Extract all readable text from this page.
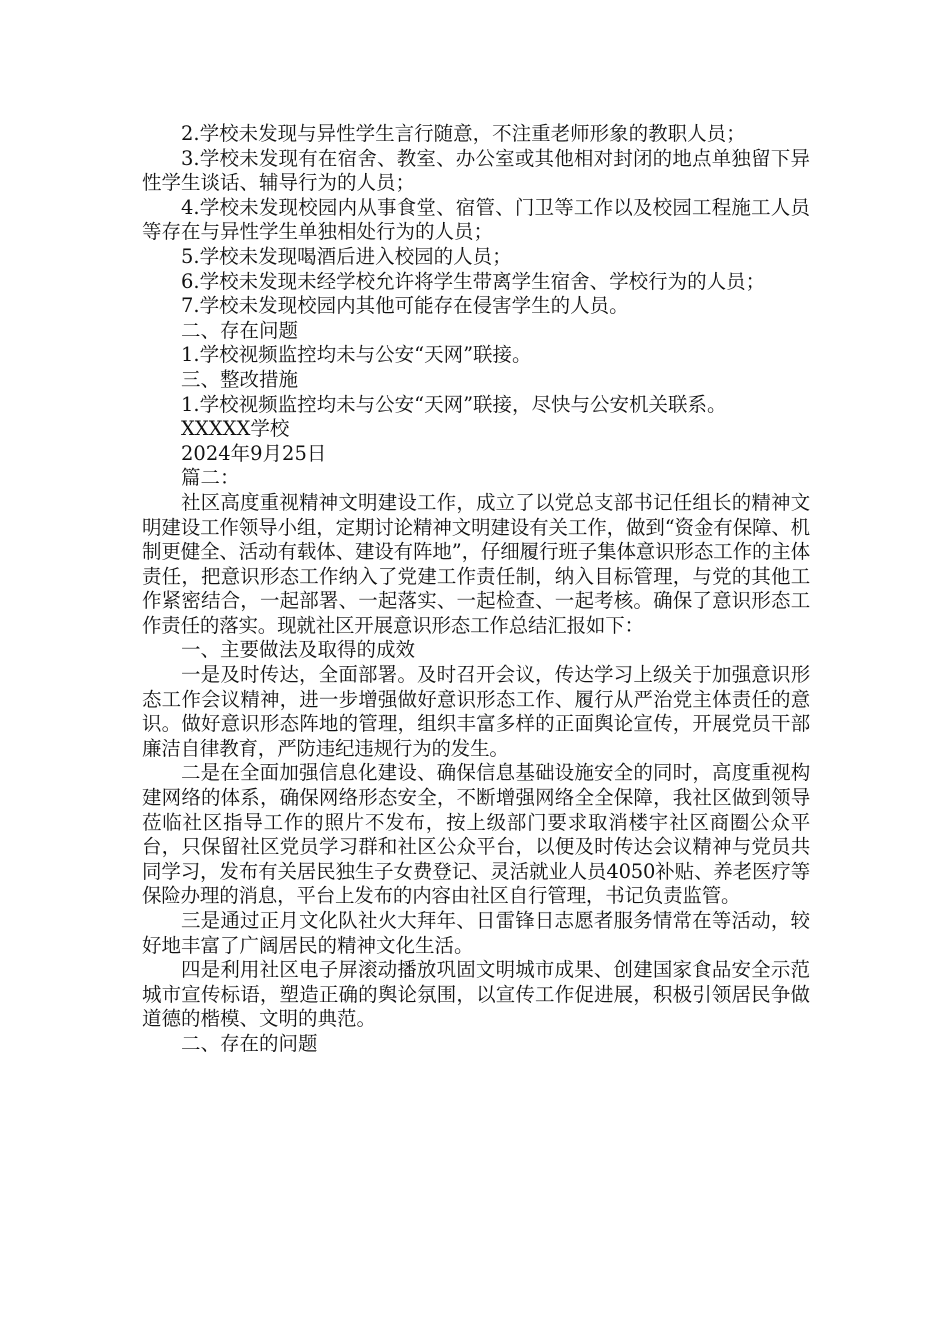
2.学校未发现与异性学生言行随意，不注重老师形象的教职人员；

3.学校未发现有在宿舍、教室、办公室或其他相对封闭的地点单独留下异性学生谈话、辅导行为的人员；

4.学校未发现校园内从事食堂、宿管、门卫等工作以及校园工程施工人员等存在与异性学生单独相处行为的人员；

5.学校未发现喝酒后进入校园的人员；

6.学校未发现未经学校允许将学生带离学生宿舍、学校行为的人员；

7.学校未发现校园内其他可能存在侵害学生的人员。

二、存在问题

1.学校视频监控均未与公安“天网”联接。

三、整改措施

1.学校视频监控均未与公安“天网”联接，尽快与公安机关联系。

XXXXX学校

2024年9月25日

篇二：

社区高度重视精神文明建设工作，成立了以党总支部书记任组长的精神文明建设工作领导小组，定期讨论精神文明建设有关工作，做到“资金有保障、机制更健全、活动有载体、建设有阵地”，仔细履行班子集体意识形态工作的主体责任，把意识形态工作纳入了党建工作责任制，纳入目标管理，与党的其他工作紧密结合，一起部署、一起落实、一起检查、一起考核。确保了意识形态工作责任的落实。现就社区开展意识形态工作总结汇报如下：

一、主要做法及取得的成效

一是及时传达，全面部署。及时召开会议，传达学习上级关于加强意识形态工作会议精神，进一步增强做好意识形态工作、履行从严治党主体责任的意识。做好意识形态阵地的管理，组织丰富多样的正面舆论宣传，开展党员干部廉洁自律教育，严防违纪违规行为的发生。

二是在全面加强信息化建设、确保信息基础设施安全的同时，高度重视构建网络的体系，确保网络形态安全，不断增强网络全全保障，我社区做到领导莅临社区指导工作的照片不发布，按上级部门要求取消楼宇社区商圈公众平台，只保留社区党员学习群和社区公众平台，以便及时传达会议精神与党员共同学习，发布有关居民独生子女费登记、灵活就业人员4050补贴、养老医疗等保险办理的消息，平台上发布的内容由社区自行管理，书记负责监管。

三是通过正月文化队社火大拜年、日雷锋日志愿者服务情常在等活动，较好地丰富了广阔居民的精神文化生活。

四是利用社区电子屏滚动播放巩固文明城市成果、创建国家食品安全示范城市宣传标语，塑造正确的舆论氛围，以宣传工作促进展，积极引领居民争做道德的楷模、文明的典范。

二、存在的问题
